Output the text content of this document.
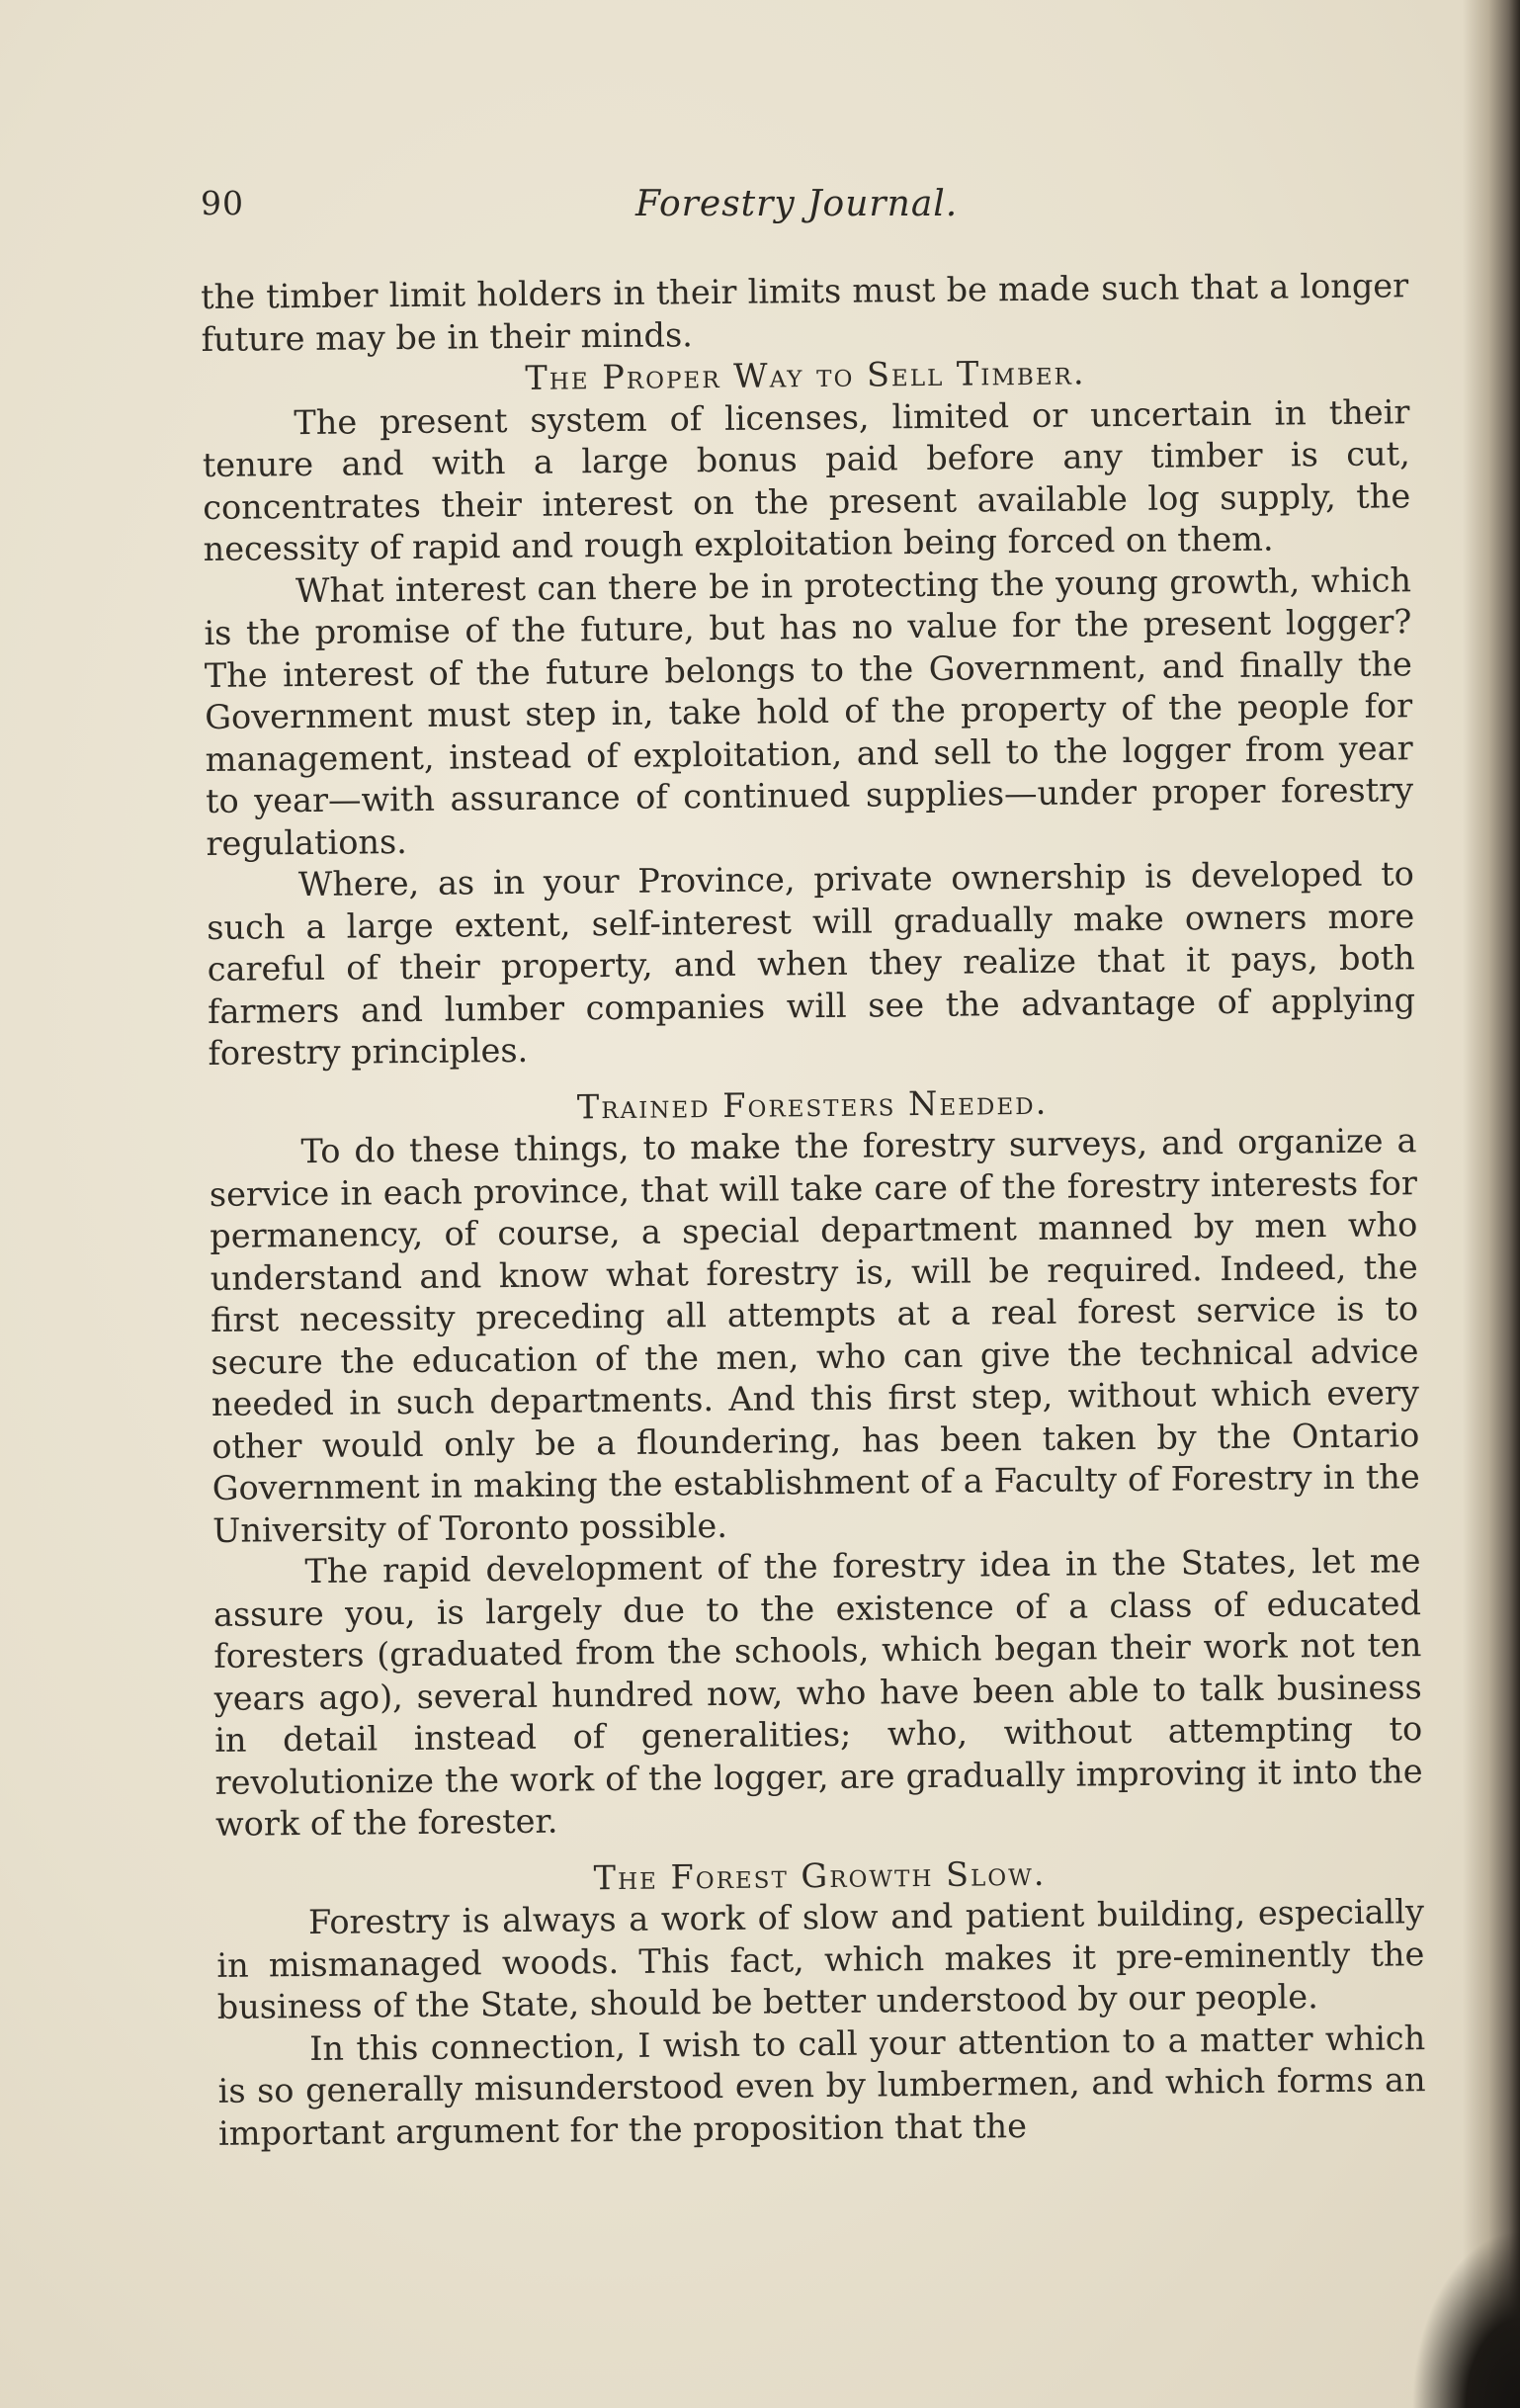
90	Forestry Journal.

the timber limit holders in their limits must be made such that a longer future may be in their minds.

The Proper Way to Sell Timber.

The present system of licenses, limited or uncertain in their tenure and with a large bonus paid before any timber is cut, concentrates their interest on the present available log supply, the necessity of rapid and rough exploitation being forced on them.

What interest can there be in protecting the young growth, which is the promise of the future, but has no value for the present logger? The interest of the future belongs to the Government, and finally the Government must step in, take hold of the property of the people for management, instead of exploitation, and sell to the logger from year to year—with assurance of continued supplies—under proper forestry regulations.

Where, as in your Province, private ownership is developed to such a large extent, self-interest will gradually make owners more careful of their property, and when they realize that it pays, both farmers and lumber companies will see the advantage of applying forestry principles.

Trained Foresters Needed.

To do these things, to make the forestry surveys, and organize a service in each province, that will take care of the forestry interests for permanency, of course, a special department manned by men who understand and know what forestry is, will be required. Indeed, the first necessity preceding all attempts at a real forest service is to secure the education of the men, who can give the technical advice needed in such departments. And this first step, without which every other would only be a floundering, has been taken by the Ontario Government in making the establishment of a Faculty of Forestry in the University of Toronto possible.

The rapid development of the forestry idea in the States, let me assure you, is largely due to the existence of a class of educated foresters (graduated from the schools, which began their work not ten years ago), several hundred now, who have been able to talk business in detail instead of generalities; who, without attempting to revolutionize the work of the logger, are gradually improving it into the work of the forester.

The Forest Growth Slow.

Forestry is always a work of slow and patient building, especially in mismanaged woods. This fact, which makes it pre-eminently the business of the State, should be better understood by our people.

In this connection, I wish to call your attention to a matter which is so generally misunderstood even by lumbermen, and which forms an important argument for the proposition that the
